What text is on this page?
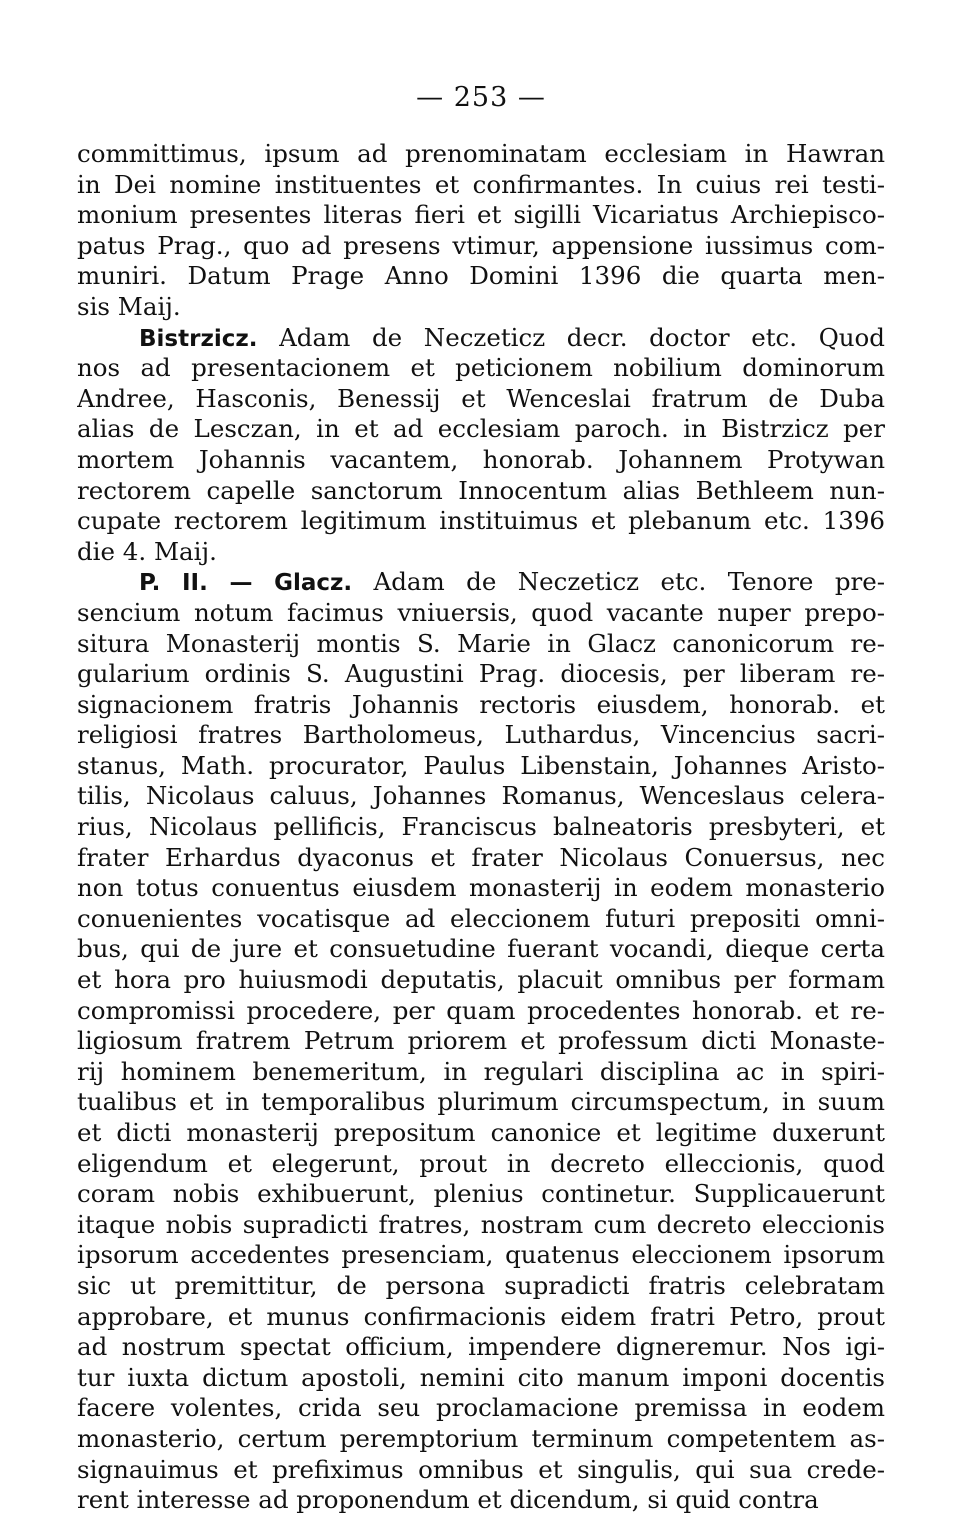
— 253 —
committimus, ipsum ad prenominatam ecclesiam in Hawran
in Dei nomine instituentes et confirmantes. In cuius rei testi-
monium presentes literas fieri et sigilli Vicariatus Archiepisco-
patus Prag., quo ad presens vtimur, appensione iussimus com-
muniri. Datum Prage Anno Domini 1396 die quarta men-
sis Maij.
Bistrzicz. Adam de Neczeticz decr. doctor etc. Quod
nos ad presentacionem et peticionem nobilium dominorum
Andree, Hasconis, Benessij et Wenceslai fratrum de Duba
alias de Lesczan, in et ad ecclesiam paroch. in Bistrzicz per
mortem Johannis vacantem, honorab. Johannem Protywan
rectorem capelle sanctorum Innocentum alias Bethleem nun-
cupate rectorem legitimum instituimus et plebanum etc. 1396
die 4. Maij.
P. II. — Glacz. Adam de Neczeticz etc. Tenore pre-
sencium notum facimus vniuersis, quod vacante nuper prepo-
situra Monasterij montis S. Marie in Glacz canonicorum re-
gularium ordinis S. Augustini Prag. diocesis, per liberam re-
signacionem fratris Johannis rectoris eiusdem, honorab. et
religiosi fratres Bartholomeus, Luthardus, Vincencius sacri-
stanus, Math. procurator, Paulus Libenstain, Johannes Aristo-
tilis, Nicolaus caluus, Johannes Romanus, Wenceslaus celera-
rius, Nicolaus pellificis, Franciscus balneatoris presbyteri, et
frater Erhardus dyaconus et frater Nicolaus Conuersus, nec
non totus conuentus eiusdem monasterij in eodem monasterio
conuenientes vocatisque ad eleccionem futuri prepositi omni-
bus, qui de jure et consuetudine fuerant vocandi, dieque certa
et hora pro huiusmodi deputatis, placuit omnibus per formam
compromissi procedere, per quam procedentes honorab. et re-
ligiosum fratrem Petrum priorem et professum dicti Monaste-
rij hominem benemeritum, in regulari disciplina ac in spiri-
tualibus et in temporalibus plurimum circumspectum, in suum
et dicti monasterij prepositum canonice et legitime duxerunt
eligendum et elegerunt, prout in decreto elleccionis, quod
coram nobis exhibuerunt, plenius continetur. Supplicauerunt
itaque nobis supradicti fratres, nostram cum decreto eleccionis
ipsorum accedentes presenciam, quatenus eleccionem ipsorum
sic ut premittitur, de persona supradicti fratris celebratam
approbare, et munus confirmacionis eidem fratri Petro, prout
ad nostrum spectat officium, impendere digneremur. Nos igi-
tur iuxta dictum apostoli, nemini cito manum imponi docentis
facere volentes, crida seu proclamacione premissa in eodem
monasterio, certum peremptorium terminum competentem as-
signauimus et prefiximus omnibus et singulis, qui sua crede-
rent interesse ad proponendum et dicendum, si quid contra
